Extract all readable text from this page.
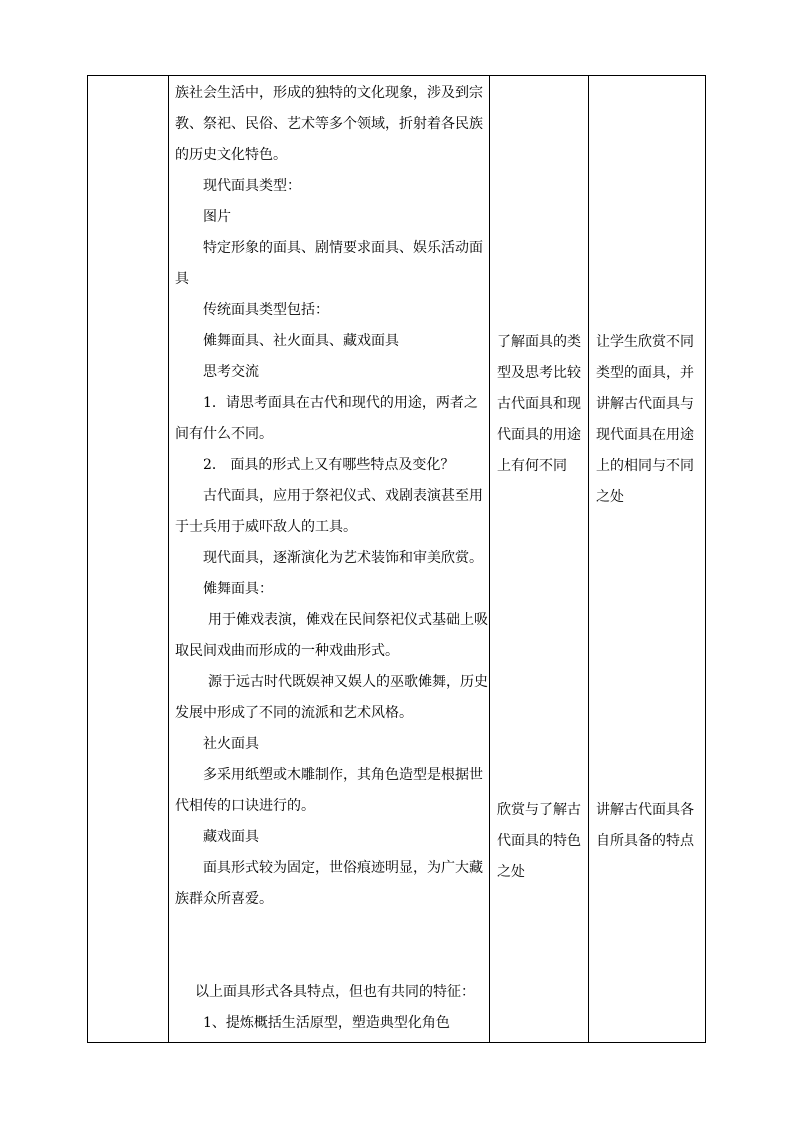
族社会生活中，形成的独特的文化现象，涉及到宗教、祭祀、民俗、艺术等多个领域，折射着各民族的历史文化特色。

现代面具类型：

图片

特定形象的面具、剧情要求面具、娱乐活动面具

传统面具类型包括：

傩舞面具、社火面具、藏戏面具

思考交流

1．请思考面具在古代和现代的用途，两者之间有什么不同。

2． 面具的形式上又有哪些特点及变化？

古代面具，应用于祭祀仪式、戏剧表演甚至用于士兵用于威吓敌人的工具。

现代面具，逐渐演化为艺术装饰和审美欣赏。

傩舞面具：

用于傩戏表演，傩戏在民间祭祀仪式基础上吸取民间戏曲而形成的一种戏曲形式。

源于远古时代既娱神又娱人的巫歌傩舞，历史发展中形成了不同的流派和艺术风格。

社火面具

多采用纸塑或木雕制作，其角色造型是根据世代相传的口诀进行的。

藏戏面具

面具形式较为固定，世俗痕迹明显，为广大藏族群众所喜爱。

以上面具形式各具特点，但也有共同的特征：

1、提炼概括生活原型，塑造典型化角色

了解面具的类型及思考比较古代面具和现代面具的用途上有何不同

欣赏与了解古代面具的特色之处

让学生欣赏不同类型的面具，并讲解古代面具与现代面具在用途上的相同与不同之处

讲解古代面具各自所具备的特点
